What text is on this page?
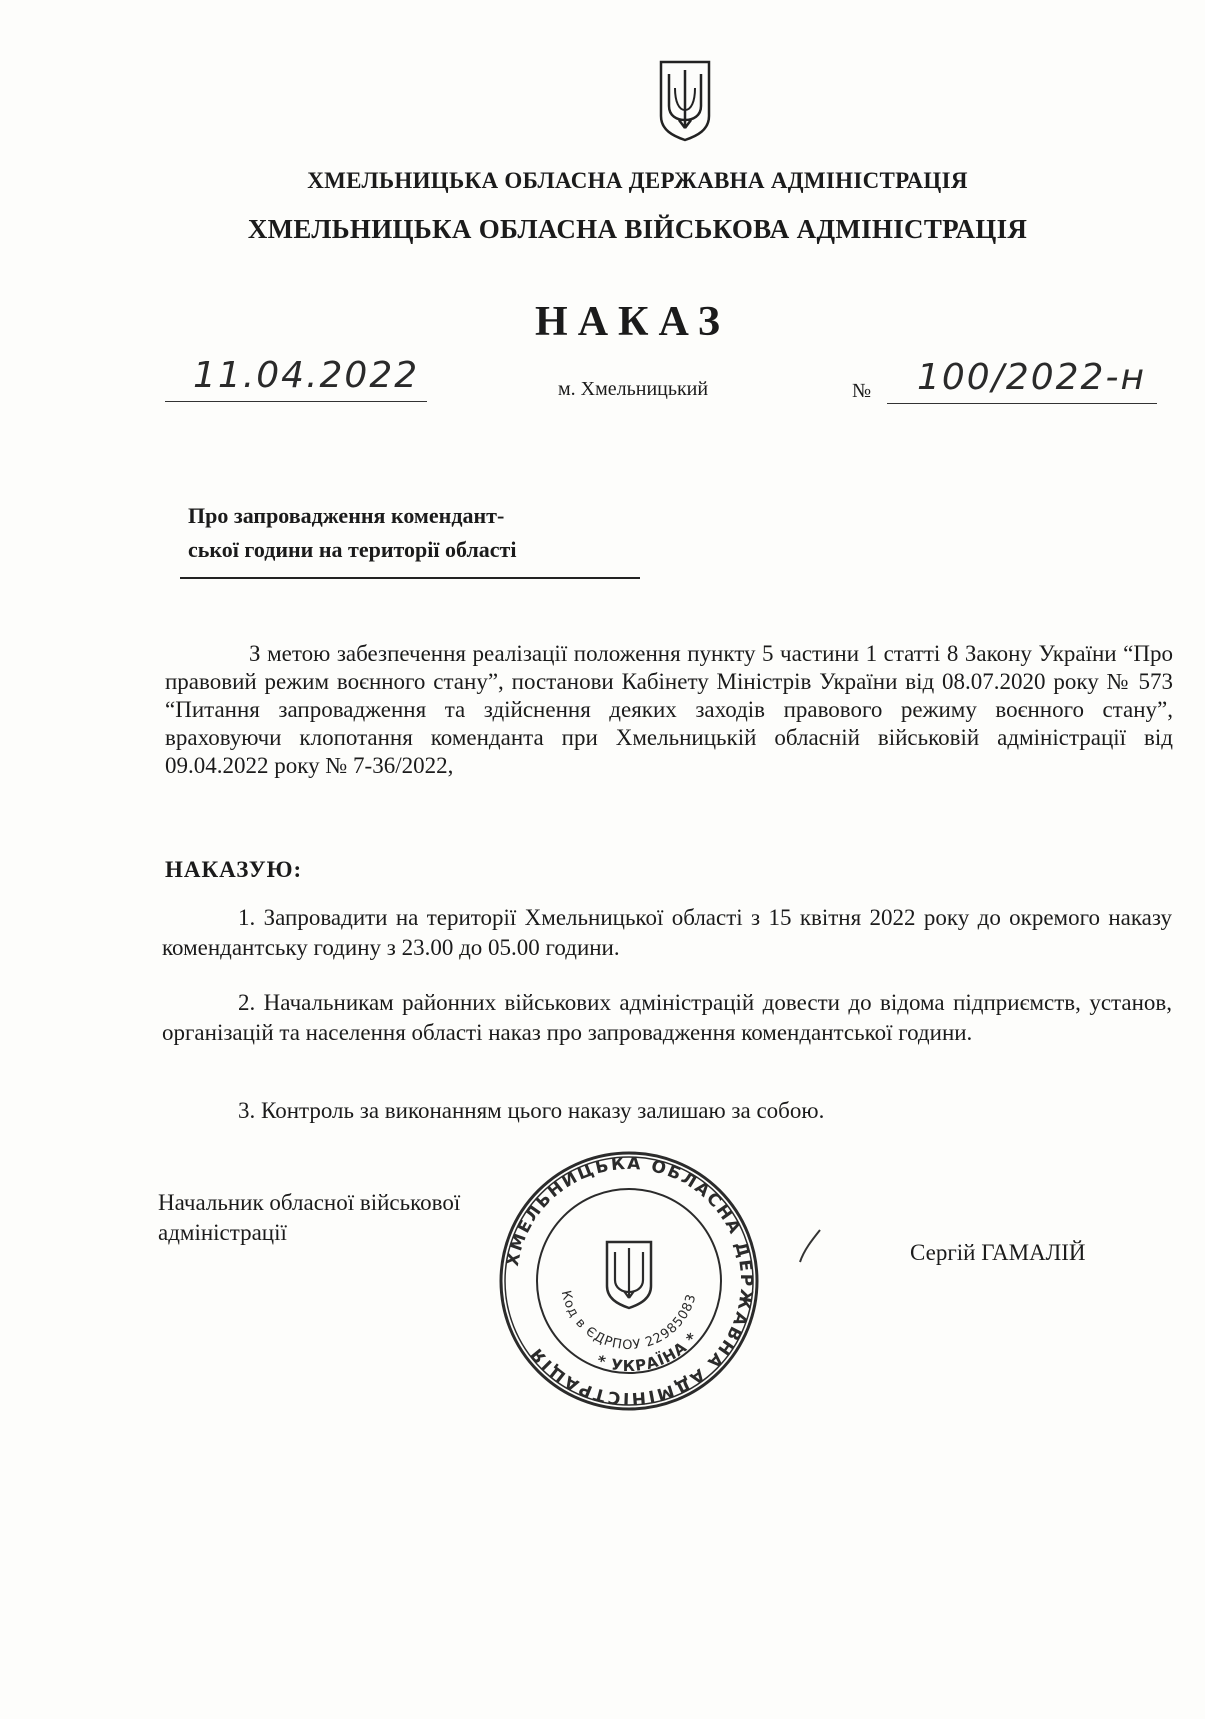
ХМЕЛЬНИЦЬКА ОБЛАСНА ДЕРЖАВНА АДМІНІСТРАЦІЯ
ХМЕЛЬНИЦЬКА ОБЛАСНА ВІЙСЬКОВА АДМІНІСТРАЦІЯ
НАКАЗ
11.04.2022	м. Хмельницький	№ 100/2022-н
Про запровадження комендант-
ської години на території області
З метою забезпечення реалізації положення пункту 5 частини 1 статті 8 Закону України “Про правовий режим воєнного стану”, постанови Кабінету Міністрів України від 08.07.2020 року № 573 “Питання запровадження та здійснення деяких заходів правового режиму воєнного стану”, враховуючи клопотання коменданта при Хмельницькій обласній військовій адміністрації від 09.04.2022 року № 7-36/2022,
НАКАЗУЮ:
1. Запровадити на території Хмельницької області з 15 квітня 2022 року до окремого наказу комендантську годину з 23.00 до 05.00 години.
2. Начальникам районних військових адміністрацій довести до відома підприємств, установ, організацій та населення області наказ про запровадження комендантської години.
3. Контроль за виконанням цього наказу залишаю за собою.
Начальник обласної військової
адміністрації
Сергій ГАМАЛІЙ
ХМЕЛЬНИЦЬКА ОБЛАСНА ДЕРЖАВНА АДМІНІСТРАЦІЯ
Код в ЄДРПОУ 22985083
* УКРАЇНА *
